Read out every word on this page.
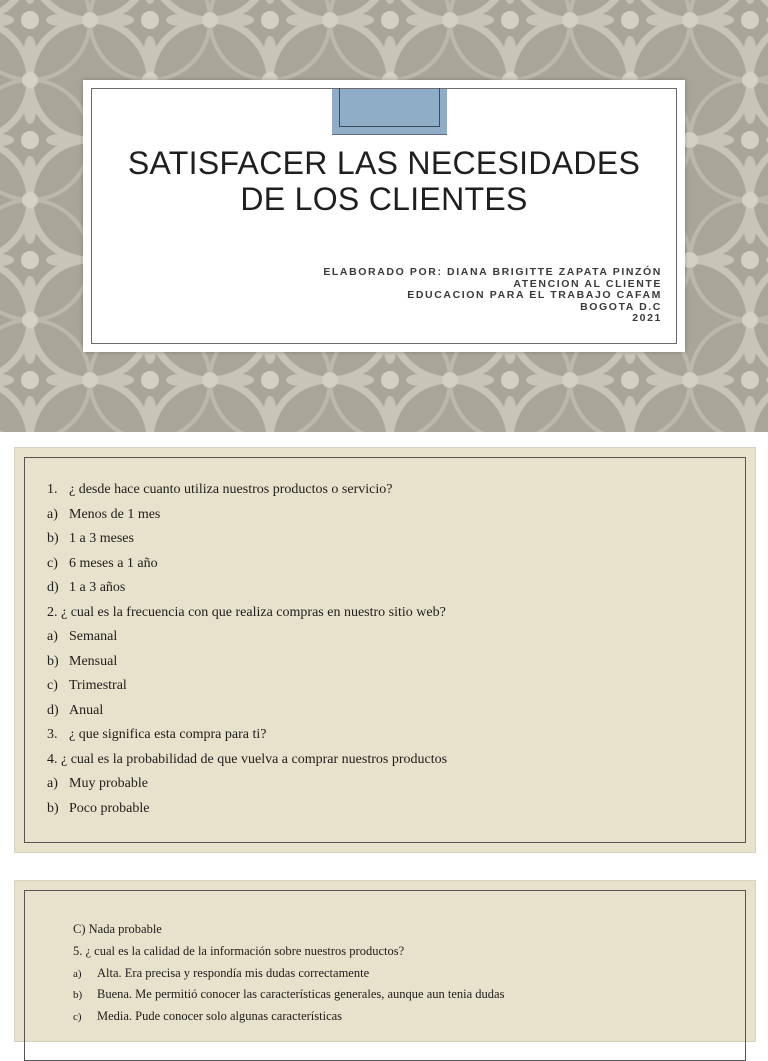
SATISFACER LAS NECESIDADES
DE LOS CLIENTES
ELABORADO POR: DIANA BRIGITTE ZAPATA PINZÓN
ATENCION AL CLIENTE
EDUCACION PARA EL TRABAJO CAFAM
BOGOTA D.C
2021
1. ¿ desde hace cuanto utiliza nuestros productos o servicio?
a) Menos de 1 mes
b) 1 a 3 meses
c) 6 meses a 1 año
d) 1 a 3 años
2. ¿ cual es la frecuencia con que realiza compras en nuestro sitio web?
a) Semanal
b) Mensual
c) Trimestral
d) Anual
3. ¿ que significa esta compra para ti?
4. ¿ cual es la probabilidad de que vuelva a comprar nuestros productos
a) Muy probable
b) Poco probable
C) Nada probable
5. ¿ cual es la calidad de la información sobre nuestros productos?
a) Alta. Era precisa y respondía mis dudas correctamente
b) Buena. Me permitió conocer las características generales, aunque aun tenia dudas
c) Media. Pude conocer solo algunas características
